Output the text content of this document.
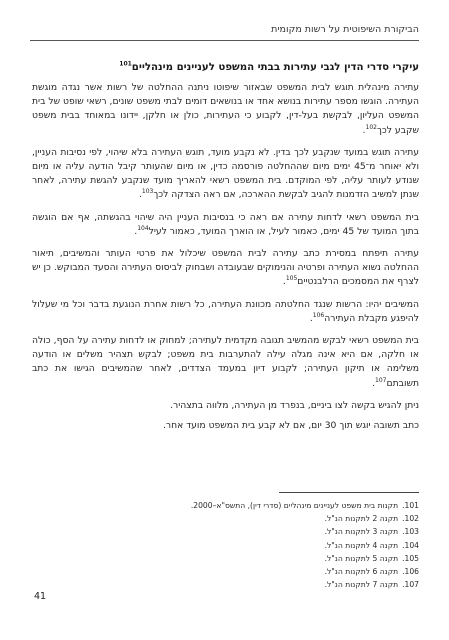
הביקורת השיפוטית על רשות מקומית
עיקרי סדרי הדין לגבי עתירות בבתי המשפט לעניינים מינהליים$^{101}$

עתירה מינהלית תוגש לבית המשפט שבאזור שיפוטו ניתנה ההחלטה של רשות אשר נגדה מוגשת העתירה. הוגשו מספר עתירות בנושא אחד או בנושאים דומים לבתי משפט שונים, רשאי שופט של בית המשפט העליון, לבקשת בעל-דין, לקבוע כי העתירות, כולן או חלקן, יידונו במאוחד בבית משפט שקבע לכך$^{102}$.

עתירה תוגש במועד שנקבע לכך בדין. לא נקבע מועד, תוגש העתירה בלא שיהוי, לפי נסיבות העניין, ולא יאוחר מ־45 ימים מיום שההחלטה פורסמה כדין, או מיום שהעותר קיבל הודעה עליה או מיום שנודע לעותר עליה, לפי המוקדם. בית המשפט רשאי להאריך מועד שנקבע להגשת עתירה, לאחר שנתן למשיב הזדמנות להגיב לבקשת ההארכה, אם ראה הצדקה לכך$^{103}$.

בית המשפט רשאי לדחות עתירה אם ראה כי בנסיבות העניין היה שיהוי בהגשתה, אף אם הוגשה בתוך המועד של 45 ימים, כאמור לעיל, או הוארך המועד, כאמור לעיל$^{104}$.

עתירה תיפתח במסירת כתב עתירה לבית המשפט שיכלול את פרטי העותר והמשיבים, תיאור ההחלטה נשוא העתירה ופרטיה והנימוקים שבעובדה ושבחוק לביסוס העתירה והסעד המבוקש. כן יש לצרף את המסמכים הרלבנטיים$^{105}$.

המשיבים יהיו: הרשות שנגד החלטתה מכוונת העתירה, כל רשות אחרת הנוגעת בדבר וכל מי שעלול להיפגע מקבלת העתירה$^{106}$.

בית המשפט רשאי לבקש מהמשיב תגובה מקדמית לעתירה; למחוק או לדחות עתירה על הסף, כולה או חלקה, אם היא אינה מגלה עילה להתערבות בית משפט; לבקש תצהיר משלים או הודעה משלימה או תיקון העתירה; לקבוע דיון במעמד הצדדים, לאחר שהמשיבים הגישו את כתב תשובתם$^{107}$.

ניתן להגיש בקשה לצו ביניים, בנפרד מן העתירה, מלווה בתצהיר.

כתב תשובה יוגש תוך 30 יום, אם לא קבע בית המשפט מועד אחר.

101.תקנות בית משפט לעניינים מינהליים (סדרי דין), התשס"א–2000.
102.תקנה 2 לתקנות הנ"ל.
103.תקנה 3 לתקנות הנ"ל.
104.תקנה 4 לתקנות הנ"ל.
105.תקנה 5 לתקנות הנ"ל.
106.תקנה 6 לתקנות הנ"ל.
107.תקנה 7 לתקנות הנ"ל.
41
